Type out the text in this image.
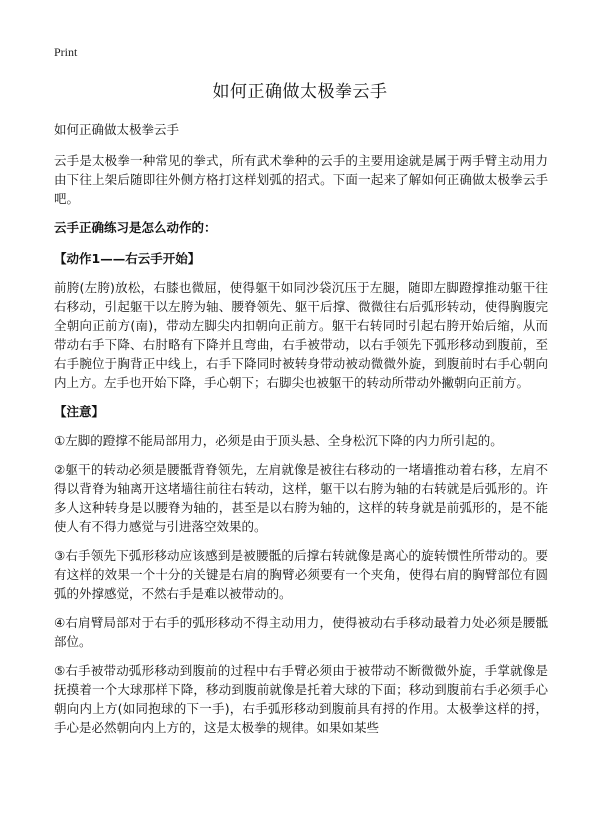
Print
如何正确做太极拳云手

如何正确做太极拳云手

云手是太极拳一种常见的拳式，所有武术拳种的云手的主要用途就是属于两手臂主动用力由下往上架后随即往外侧方格打这样划弧的招式。下面一起来了解如何正确做太极拳云手吧。

云手正确练习是怎么动作的：

【动作1——右云手开始】

前胯(左胯)放松，右膝也微屈，使得躯干如同沙袋沉压于左腿，随即左脚蹬撑推动躯干往右移动，引起躯干以左胯为轴、腰脊领先、躯干后撑、微微往右后弧形转动，使得胸腹完全朝向正前方(南)，带动左脚尖内扣朝向正前方。躯干右转同时引起右胯开始后缩，从而带动右手下降、右肘略有下降并且弯曲，右手被带动，以右手领先下弧形移动到腹前，至右手腕位于胸背正中线上，右手下降同时被转身带动被动微微外旋，到腹前时右手心朝向内上方。左手也开始下降，手心朝下；右脚尖也被躯干的转动所带动外撇朝向正前方。

【注意】

①左脚的蹬撑不能局部用力，必须是由于顶头悬、全身松沉下降的内力所引起的。

②躯干的转动必须是腰骶背脊领先，左肩就像是被往右移动的一堵墙推动着右移，左肩不得以背脊为轴离开这堵墙往前往右转动，这样，躯干以右胯为轴的右转就是后弧形的。许多人这种转身是以腰脊为轴的，甚至是以右胯为轴的，这样的转身就是前弧形的，是不能使人有不得力感觉与引进落空效果的。

③右手领先下弧形移动应该感到是被腰骶的后撑右转就像是离心的旋转惯性所带动的。要有这样的效果一个十分的关键是右肩的胸臂必须要有一个夹角，使得右肩的胸臂部位有圆弧的外撑感觉，不然右手是难以被带动的。

④右肩臂局部对于右手的弧形移动不得主动用力，使得被动右手移动最着力处必须是腰骶部位。

⑤右手被带动弧形移动到腹前的过程中右手臂必须由于被带动不断微微外旋，手掌就像是抚摸着一个大球那样下降，移动到腹前就像是托着大球的下面；移动到腹前右手必须手心朝向内上方(如同抱球的下一手)，右手弧形移动到腹前具有捋的作用。太极拳这样的捋，手心是必然朝向内上方的，这是太极拳的规律。如果如某些
